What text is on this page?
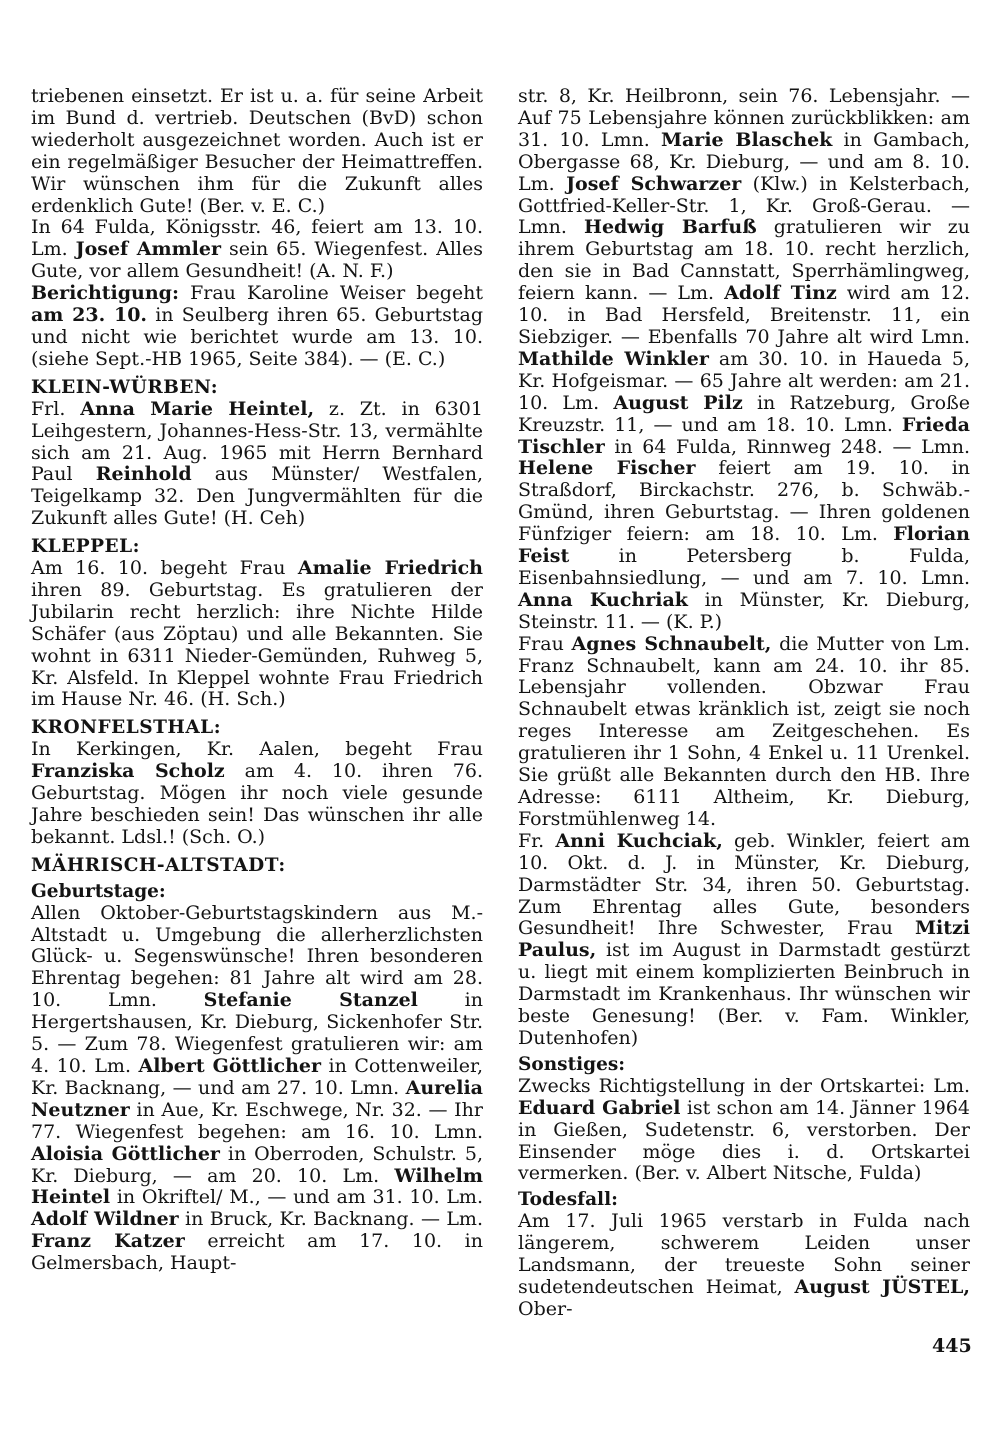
triebenen einsetzt. Er ist u. a. für seine Arbeit im Bund d. vertrieb. Deutschen (BvD) schon wiederholt ausgezeichnet worden. Auch ist er ein regelmäßiger Besucher der Heimattreffen. Wir wünschen ihm für die Zukunft alles erdenklich Gute! (Ber. v. E. C.)

In 64 Fulda, Königsstr. 46, feiert am 13. 10. Lm. Josef Ammler sein 65. Wiegenfest. Alles Gute, vor allem Gesundheit! (A. N. F.)

Berichtigung: Frau Karoline Weiser begeht am 23. 10. in Seulberg ihren 65. Geburtstag und nicht wie berichtet wurde am 13. 10. (siehe Sept.-HB 1965, Seite 384). — (E. C.)

KLEIN-WÜRBEN:

Frl. Anna Marie Heintel, z. Zt. in 6301 Leihgestern, Johannes-Hess-Str. 13, vermählte sich am 21. Aug. 1965 mit Herrn Bernhard Paul Reinhold aus Münster/ Westfalen, Teigelkamp 32. Den Jungvermählten für die Zukunft alles Gute! (H. Ceh)

KLEPPEL:

Am 16. 10. begeht Frau Amalie Friedrich ihren 89. Geburtstag. Es gratulieren der Jubilarin recht herzlich: ihre Nichte Hilde Schäfer (aus Zöptau) und alle Bekannten. Sie wohnt in 6311 Nieder-Gemünden, Ruhweg 5, Kr. Alsfeld. In Kleppel wohnte Frau Friedrich im Hause Nr. 46. (H. Sch.)

KRONFELSTHAL:

In Kerkingen, Kr. Aalen, begeht Frau Franziska Scholz am 4. 10. ihren 76. Geburtstag. Mögen ihr noch viele gesunde Jahre beschieden sein! Das wünschen ihr alle bekannt. Ldsl.! (Sch. O.)

MÄHRISCH-ALTSTADT:
Geburtstage:

Allen Oktober-Geburtstagskindern aus M.-Altstadt u. Umgebung die allerherzlichsten Glück- u. Segenswünsche! Ihren besonderen Ehrentag begehen: 81 Jahre alt wird am 28. 10. Lmn. Stefanie Stanzel in Hergertshausen, Kr. Dieburg, Sickenhofer Str. 5. — Zum 78. Wiegenfest gratulieren wir: am 4. 10. Lm. Albert Göttlicher in Cottenweiler, Kr. Backnang, — und am 27. 10. Lmn. Aurelia Neutzner in Aue, Kr. Eschwege, Nr. 32. — Ihr 77. Wiegenfest begehen: am 16. 10. Lmn. Aloisia Göttlicher in Oberroden, Schulstr. 5, Kr. Dieburg, — am 20. 10. Lm. Wilhelm Heintel in Okriftel/ M., — und am 31. 10. Lm. Adolf Wildner in Bruck, Kr. Backnang. — Lm. Franz Katzer erreicht am 17. 10. in Gelmersbach, Haupt-

str. 8, Kr. Heilbronn, sein 76. Lebensjahr. — Auf 75 Lebensjahre können zurückblikken: am 31. 10. Lmn. Marie Blaschek in Gambach, Obergasse 68, Kr. Dieburg, — und am 8. 10. Lm. Josef Schwarzer (Klw.) in Kelsterbach, Gottfried-Keller-Str. 1, Kr. Groß-Gerau. — Lmn. Hedwig Barfuß gratulieren wir zu ihrem Geburtstag am 18. 10. recht herzlich, den sie in Bad Cannstatt, Sperrhämlingweg, feiern kann. — Lm. Adolf Tinz wird am 12. 10. in Bad Hersfeld, Breitenstr. 11, ein Siebziger. — Ebenfalls 70 Jahre alt wird Lmn. Mathilde Winkler am 30. 10. in Haueda 5, Kr. Hofgeismar. — 65 Jahre alt werden: am 21. 10. Lm. August Pilz in Ratzeburg, Große Kreuzstr. 11, — und am 18. 10. Lmn. Frieda Tischler in 64 Fulda, Rinnweg 248. — Lmn. Helene Fischer feiert am 19. 10. in Straßdorf, Birckachstr. 276, b. Schwäb.-Gmünd, ihren Geburtstag. — Ihren goldenen Fünfziger feiern: am 18. 10. Lm. Florian Feist in Petersberg b. Fulda, Eisenbahnsiedlung, — und am 7. 10. Lmn. Anna Kuchriak in Münster, Kr. Dieburg, Steinstr. 11. — (K. P.)

Frau Agnes Schnaubelt, die Mutter von Lm. Franz Schnaubelt, kann am 24. 10. ihr 85. Lebensjahr vollenden. Obzwar Frau Schnaubelt etwas kränklich ist, zeigt sie noch reges Interesse am Zeitgeschehen. Es gratulieren ihr 1 Sohn, 4 Enkel u. 11 Urenkel. Sie grüßt alle Bekannten durch den HB. Ihre Adresse: 6111 Altheim, Kr. Dieburg, Forstmühlenweg 14.

Fr. Anni Kuchciak, geb. Winkler, feiert am 10. Okt. d. J. in Münster, Kr. Dieburg, Darmstädter Str. 34, ihren 50. Geburtstag. Zum Ehrentag alles Gute, besonders Gesundheit! Ihre Schwester, Frau Mitzi Paulus, ist im August in Darmstadt gestürzt u. liegt mit einem komplizierten Beinbruch in Darmstadt im Krankenhaus. Ihr wünschen wir beste Genesung! (Ber. v. Fam. Winkler, Dutenhofen)

Sonstiges:

Zwecks Richtigstellung in der Ortskartei: Lm. Eduard Gabriel ist schon am 14. Jänner 1964 in Gießen, Sudetenstr. 6, verstorben. Der Einsender möge dies i. d. Ortskartei vermerken. (Ber. v. Albert Nitsche, Fulda)

Todesfall:

Am 17. Juli 1965 verstarb in Fulda nach längerem, schwerem Leiden unser Landsmann, der treueste Sohn seiner sudetendeutschen Heimat, August JÜSTEL, Ober-

445
